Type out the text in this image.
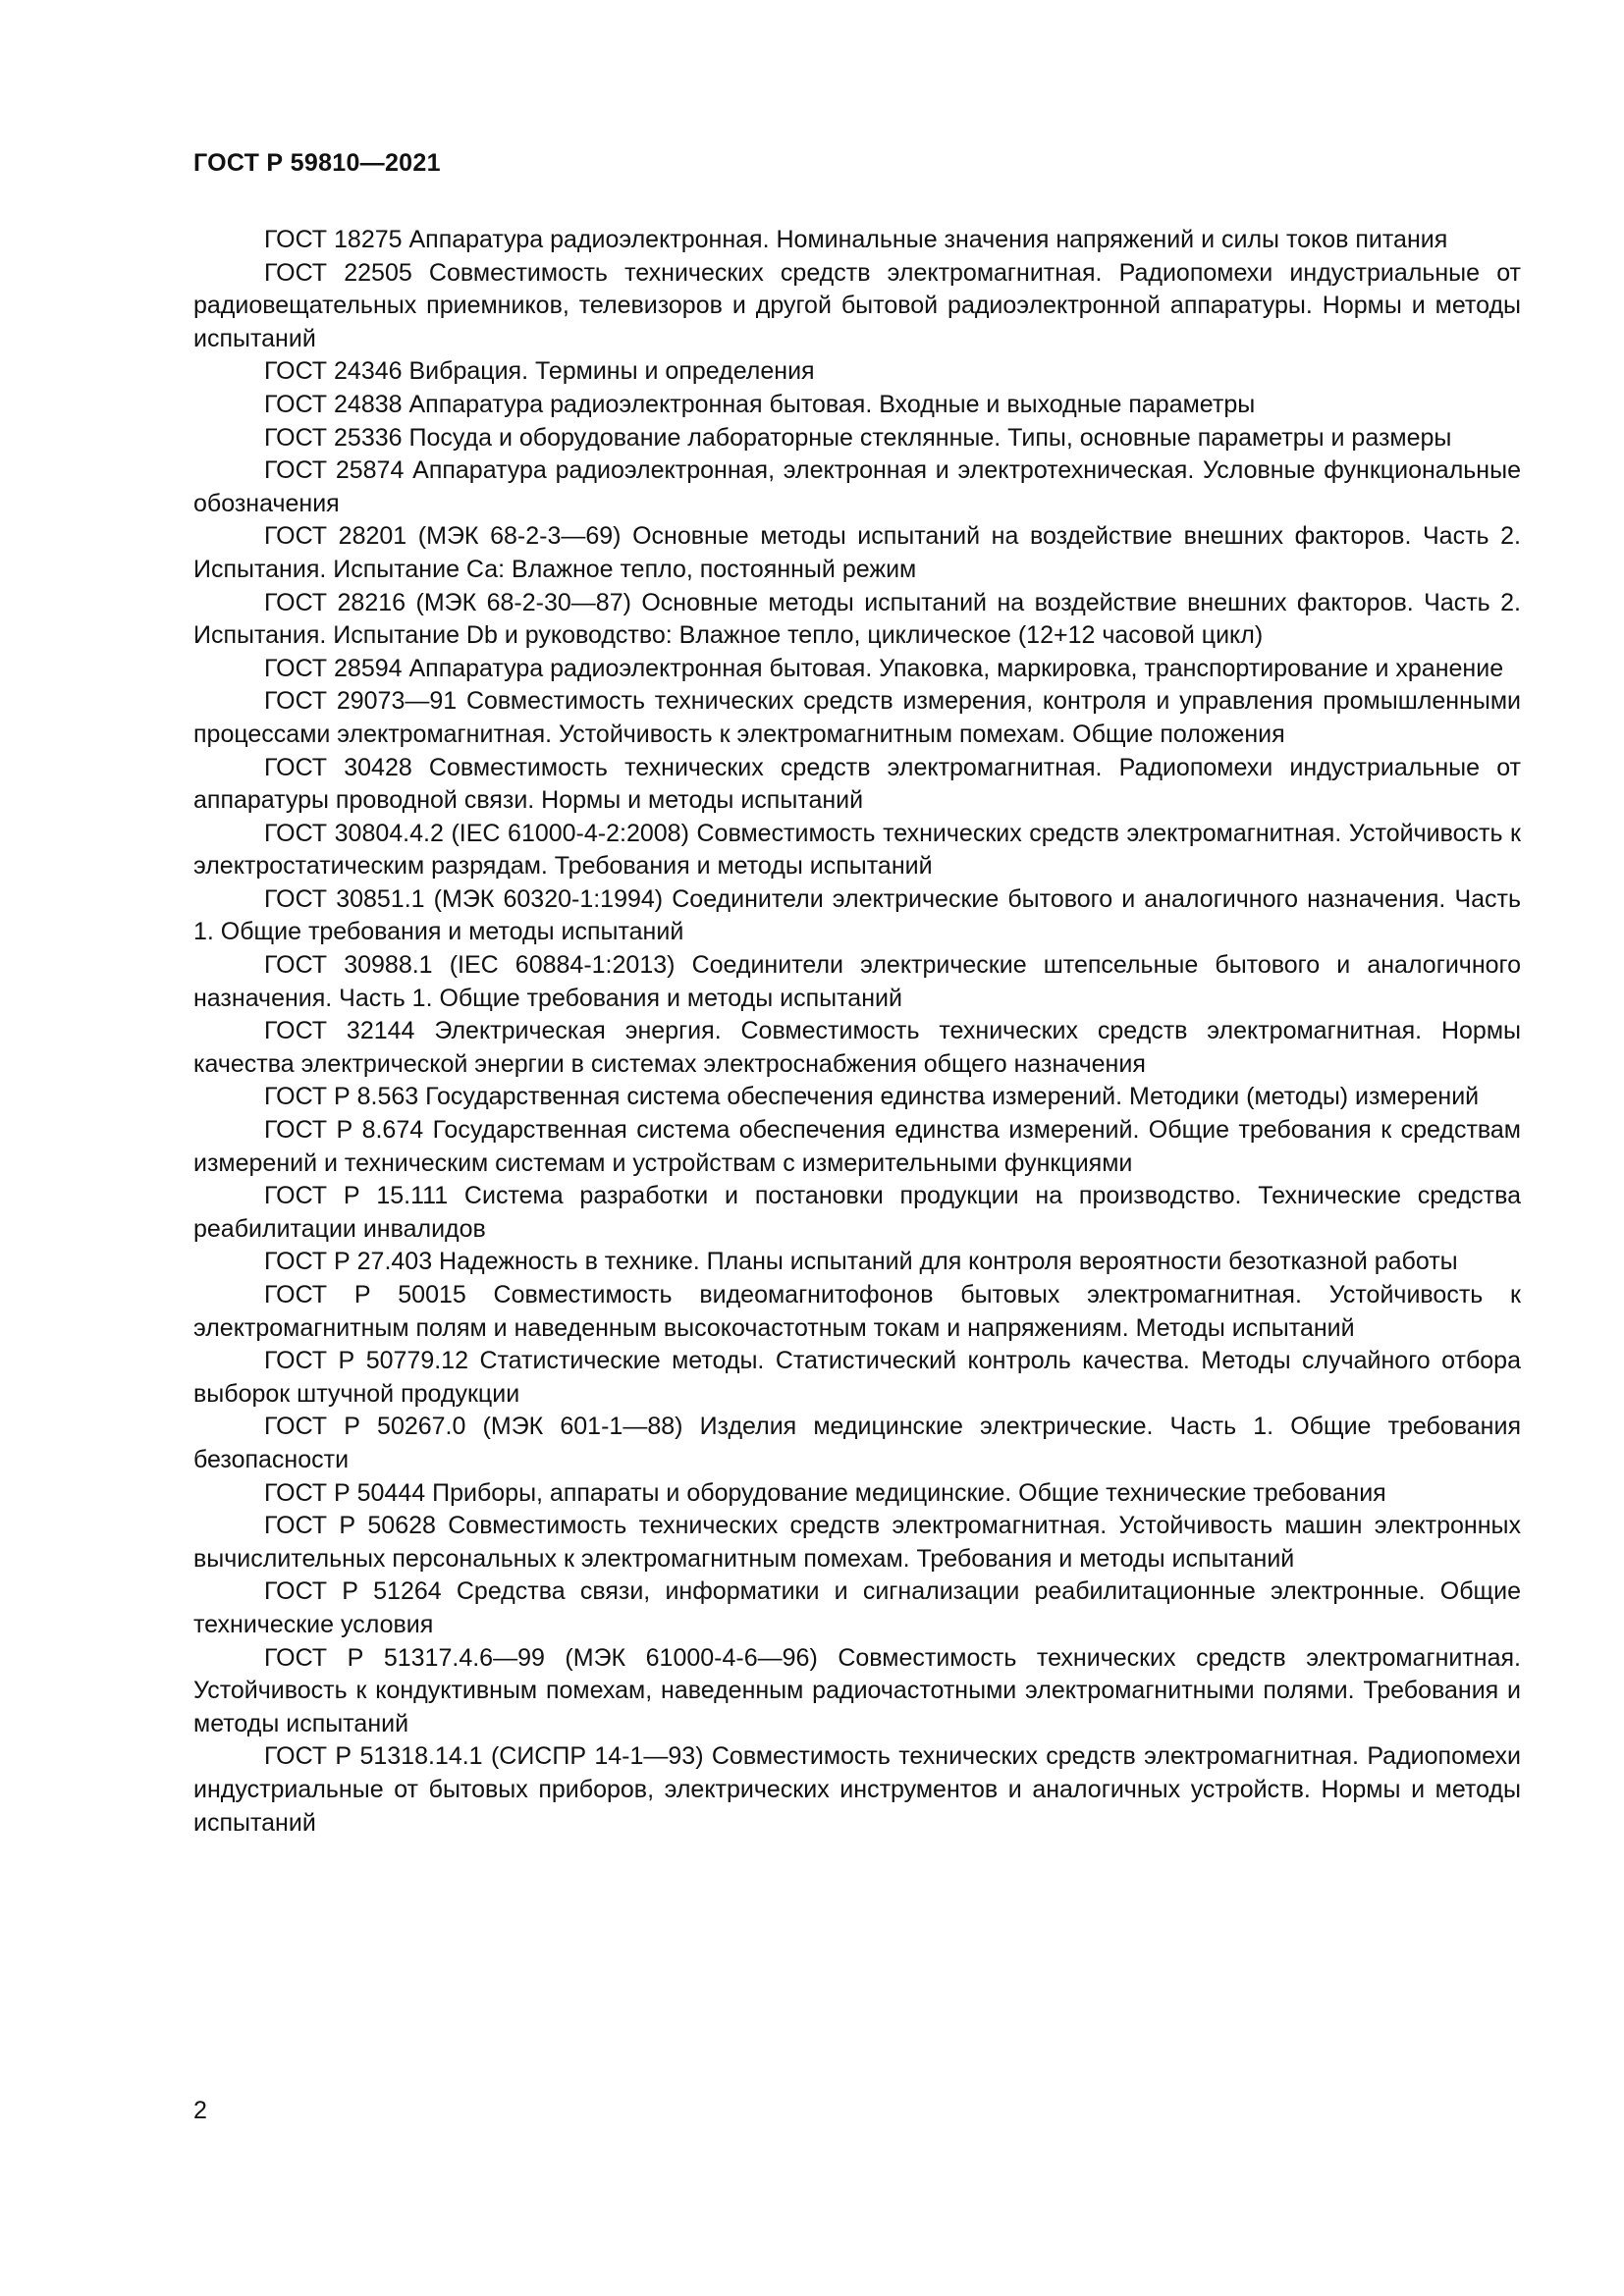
ГОСТ Р 59810—2021

ГОСТ 18275 Аппаратура радиоэлектронная. Номинальные значения напряжений и силы токов питания

ГОСТ 22505 Совместимость технических средств электромагнитная. Радиопомехи индустриальные от радиовещательных приемников, телевизоров и другой бытовой радиоэлектронной аппаратуры. Нормы и методы испытаний

ГОСТ 24346 Вибрация. Термины и определения

ГОСТ 24838 Аппаратура радиоэлектронная бытовая. Входные и выходные параметры

ГОСТ 25336 Посуда и оборудование лабораторные стеклянные. Типы, основные параметры и размеры

ГОСТ 25874 Аппаратура радиоэлектронная, электронная и электротехническая. Условные функциональные обозначения

ГОСТ 28201 (МЭК 68-2-3—69) Основные методы испытаний на воздействие внешних факторов. Часть 2. Испытания. Испытание Са: Влажное тепло, постоянный режим

ГОСТ 28216 (МЭК 68-2-30—87) Основные методы испытаний на воздействие внешних факторов. Часть 2. Испытания. Испытание Db и руководство: Влажное тепло, циклическое (12+12 часовой цикл)

ГОСТ 28594 Аппаратура радиоэлектронная бытовая. Упаковка, маркировка, транспортирование и хранение

ГОСТ 29073—91 Совместимость технических средств измерения, контроля и управления промышленными процессами электромагнитная. Устойчивость к электромагнитным помехам. Общие положения

ГОСТ 30428 Совместимость технических средств электромагнитная. Радиопомехи индустриальные от аппаратуры проводной связи. Нормы и методы испытаний

ГОСТ 30804.4.2 (IEC 61000-4-2:2008) Совместимость технических средств электромагнитная. Устойчивость к электростатическим разрядам. Требования и методы испытаний

ГОСТ 30851.1 (МЭК 60320-1:1994) Соединители электрические бытового и аналогичного назначения. Часть 1. Общие требования и методы испытаний

ГОСТ 30988.1 (IEC 60884-1:2013) Соединители электрические штепсельные бытового и аналогичного назначения. Часть 1. Общие требования и методы испытаний

ГОСТ 32144 Электрическая энергия. Совместимость технических средств электромагнитная. Нормы качества электрической энергии в системах электроснабжения общего назначения

ГОСТ Р 8.563 Государственная система обеспечения единства измерений. Методики (методы) измерений

ГОСТ Р 8.674 Государственная система обеспечения единства измерений. Общие требования к средствам измерений и техническим системам и устройствам с измерительными функциями

ГОСТ Р 15.111 Система разработки и постановки продукции на производство. Технические средства реабилитации инвалидов

ГОСТ Р 27.403 Надежность в технике. Планы испытаний для контроля вероятности безотказной работы

ГОСТ Р 50015 Совместимость видеомагнитофонов бытовых электромагнитная. Устойчивость к электромагнитным полям и наведенным высокочастотным токам и напряжениям. Методы испытаний

ГОСТ Р 50779.12 Статистические методы. Статистический контроль качества. Методы случайного отбора выборок штучной продукции

ГОСТ Р 50267.0 (МЭК 601-1—88) Изделия медицинские электрические. Часть 1. Общие требования безопасности

ГОСТ Р 50444 Приборы, аппараты и оборудование медицинские. Общие технические требования

ГОСТ Р 50628 Совместимость технических средств электромагнитная. Устойчивость машин электронных вычислительных персональных к электромагнитным помехам. Требования и методы испытаний

ГОСТ Р 51264 Средства связи, информатики и сигнализации реабилитационные электронные. Общие технические условия

ГОСТ Р 51317.4.6—99 (МЭК 61000-4-6—96) Совместимость технических средств электромагнитная. Устойчивость к кондуктивным помехам, наведенным радиочастотными электромагнитными полями. Требования и методы испытаний

ГОСТ Р 51318.14.1 (СИСПР 14-1—93) Совместимость технических средств электромагнитная. Радиопомехи индустриальные от бытовых приборов, электрических инструментов и аналогичных устройств. Нормы и методы испытаний

2
